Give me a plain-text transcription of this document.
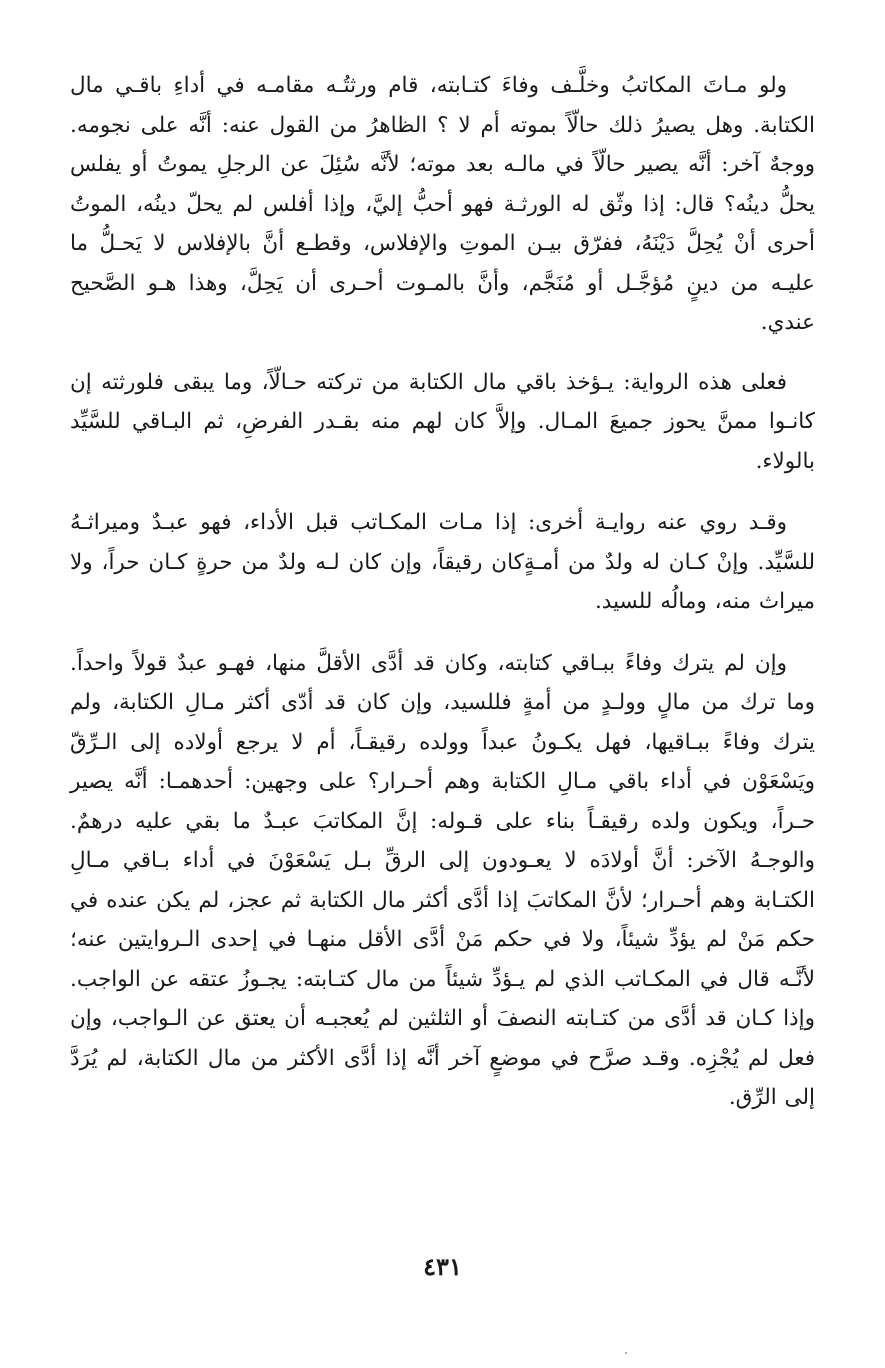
ولو مـاتَ المكاتبُ وخلَّـف وفاءَ كتـابته، قام ورثتُـه مقامـه في أداءِ باقـي مال الكتابة. وهل يصيرُ ذلك حالّاً بموته أم لا ؟ الظاهرُ من القول عنه: أنَّه على نجومه. ووجهٌ آخر: أنَّه يصير حالّاً في مالـه بعد موته؛ لأنَّه سُئِلَ عن الرجلِ يموتُ أو يفلس يحلُّ دينُه؟ قال: إذا وثّق له الورثـة فهو أحبُّ إليَّ، وإذا أفلس لم يحلّ دينُه، الموتُ أحرى أنْ يُحِلَّ دَيْنَهُ، ففرّق بيـن الموتِ والإفلاس، وقطـع أنَّ بالإفلاس لا يَحـلُّ ما عليـه من دينٍ مُؤجَّـل أو مُنَجَّم، وأنَّ بالمـوت أحـرى أن يَحِلَّ، وهذا هـو الصَّحيح عندي.

فعلى هذه الرواية: يـؤخذ باقي مال الكتابة من تركته حـالّاً، وما يبقى فلورثته إن كانـوا ممنَّ يحوز جميعَ المـال. وإلاَّ كان لهم منه بقـدر الفرضِ، ثم البـاقي للسَّيِّد بالولاء.

وقـد روي عنه روايـة أخرى: إذا مـات المكـاتب قبل الأداء، فهو عبـدٌ وميراثـهُ للسَّيِّد. وإنْ كـان له ولدٌ من أمـةٍكان رقيقاً، وإن كان لـه ولدٌ من حرةٍ كـان حراً، ولا ميراث منه، ومالُه للسيد.

وإن لم يترك وفاءً ببـاقي كتابته، وكان قد أدَّى الأقلَّ منها، فهـو عبدٌ قولاً واحداً. وما ترك من مالٍ وولـدٍ من أمةٍ فللسيد، وإن كان قد أدّى أكثر مـالِ الكتابة، ولم يترك وفاءً ببـاقيها، فهل يكـونُ عبداً وولده رقيقـاً، أم لا يرجع أولاده إلى الـرِّقّ ويَسْعَوْن في أداء باقي مـالِ الكتابة وهم أحـرار؟ على وجهين: أحدهمـا: أنَّه يصير حـراً، ويكون ولده رقيقـاً بناء على قـوله: إنَّ المكاتبَ عبـدٌ ما بقي عليه درهمٌ. والوجـهُ الآخر: أنَّ أولادَه لا يعـودون إلى الرقِّ بـل يَسْعَوْنَ في أداء بـاقي مـالِ الكتـابة وهم أحـرار؛ لأنَّ المكاتبَ إذا أدَّى أكثر مال الكتابة ثم عجز، لم يكن عنده في حكم مَنْ لم يؤدِّ شيئاً، ولا في حكم مَنْ أدَّى الأقل منهـا في إحدى الـروايتين عنه؛ لأنَّـه قال في المكـاتب الذي لم يـؤدِّ شيئاً من مال كتـابته: يجـوزُ عتقه عن الواجب. وإذا كـان قد أدَّى من كتـابته النصفَ أو الثلثين لم يُعجبـه أن يعتق عن الـواجب، وإن فعل لم يُجْزِه. وقـد صرَّح في موضعٍ آخر أنَّه إذا أدَّى الأكثر من مال الكتابة، لم يُرَدَّ إلى الرِّق.

٤٣١
